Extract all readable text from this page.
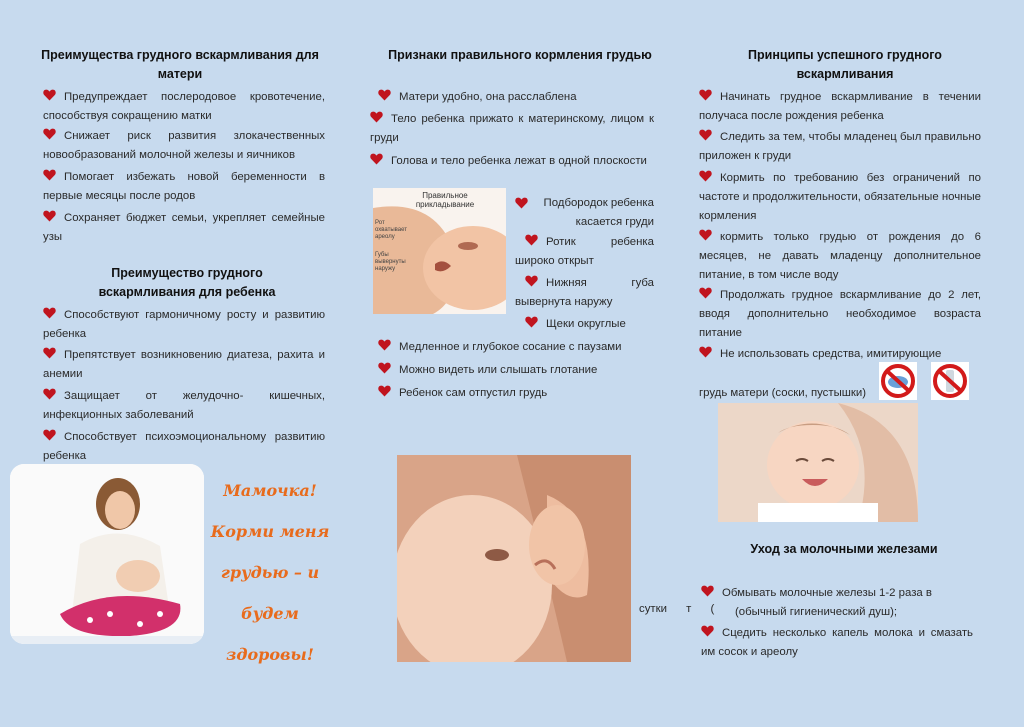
Преимущества грудного вскармливания для матери
Предупреждает послеродовое кровотечение, способствуя сокращению матки
Снижает риск развития злокачественных новообразований молочной железы и яичников
Помогает избежать новой беременности в первые месяцы после родов
Сохраняет бюджет семьи, укрепляет семейные узы
Преимущество грудного вскармливания для ребенка
Способствуют гармоничному росту и развитию ребенка
Препятствует возникновению диатеза, рахита и анемии
Защищает от желудочно- кишечных, инфекционных заболеваний
Способствует психоэмоциональному развитию ребенка
Мамочка!
Корми меня
грудью – и
будем здоровы!
Признаки правильного кормления грудью
Матери удобно, она расслаблена
Тело ребенка прижато к материнскому, лицом к груди
Голова и тело ребенка лежат в одной плоскости
Правильное прикладывание
Рот охватывает ареолу
Губы вывернуты наружу
Подбородок ребенка касается груди
Ротик ребенка широко открыт
Нижняя губа вывернута наружу
Щеки округлые
Медленное и глубокое сосание с паузами
Можно видеть или слышать глотание
Ребенок сам отпустил грудь
сутки т (
Принципы успешного грудного вскармливания
Начинать грудное вскармливание в течении получаса после рождения ребенка
Следить за тем, чтобы младенец был правильно приложен к груди
Кормить по требованию без ограничений по частоте и продолжительности, обязательные ночные кормления
кормить только грудью от рождения до 6 месяцев, не давать младенцу дополнительное питание, в том числе воду
Продолжать грудное вскармливание до 2 лет, вводя дополнительно необходимое возраста питание
Не использовать средства, имитирующие
грудь матери (соски, пустышки)
Уход за молочными железами
Обмывать молочные железы 1-2 раза в
(обычный гигиенический душ);
Сцедить несколько капель молока и смазать им сосок и ареолу
